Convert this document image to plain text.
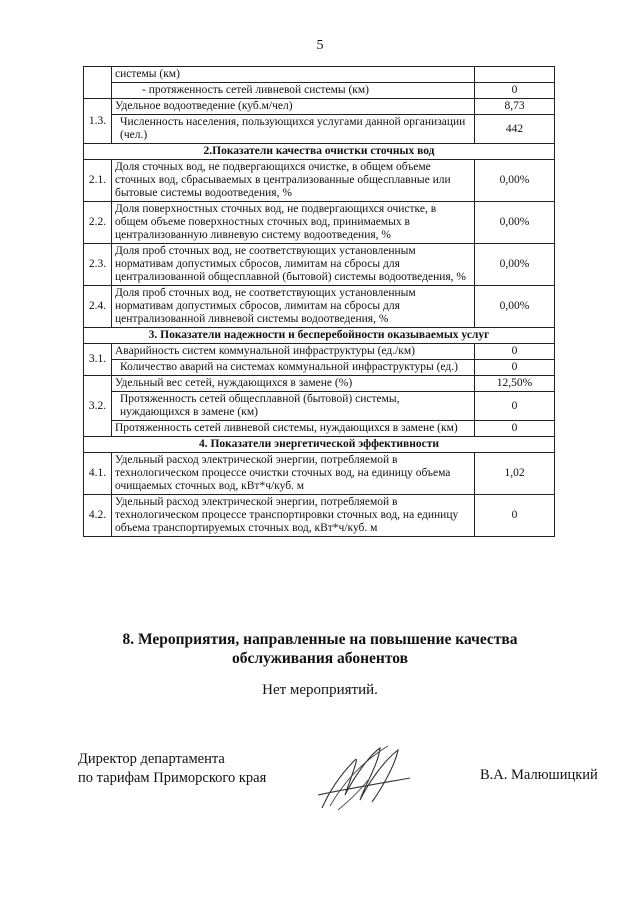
5
	системы (км)	
	- протяженность сетей ливневой системы (км)	0
1.3.	Удельное водоотведение (куб.м/чел)	8,73
	Численность населения, пользующихся услугами данной организации (чел.)	442
2.Показатели качества очистки сточных вод		
2.1.	Доля сточных вод, не подвергающихся очистке, в общем объеме сточных вод, сбрасываемых в централизованные общесплавные или бытовые системы водоотведения, %	0,00%
2.2.	Доля поверхностных сточных вод, не подвергающихся очистке, в общем объеме поверхностных сточных вод, принимаемых в централизованную ливневую систему водоотведения, %	0,00%
2.3.	Доля проб сточных вод, не соответствующих установленным нормативам допустимых сбросов, лимитам на сбросы для централизованной общесплавной (бытовой) системы водоотведения, %	0,00%
2.4.	Доля проб сточных вод, не соответствующих установленным нормативам допустимых сбросов, лимитам на сбросы для централизованной ливневой системы водоотведения, %	0,00%
3. Показатели надежности и бесперебойности оказываемых услуг		
3.1.	Аварийность систем коммунальной инфраструктуры (ед./км)	0
	Количество аварий на системах коммунальной инфраструктуры (ед.)	0
3.2.	Удельный вес сетей, нуждающихся в замене (%)	12,50%
	Протяженность сетей общесплавной (бытовой) системы, нуждающихся в замене (км)	0
	Протяженность сетей ливневой системы, нуждающихся в замене (км)	0
4. Показатели энергетической эффективности		
4.1.	Удельный расход электрической энергии, потребляемой в технологическом процессе очистки сточных вод, на единицу объема очищаемых сточных вод, кВт*ч/куб. м	1,02
4.2.	Удельный расход электрической энергии, потребляемой в технологическом процессе транспортировки сточных вод, на единицу объема транспортируемых сточных вод, кВт*ч/куб. м	0
8. Мероприятия, направленные на повышение качества
обслуживания абонентов
Нет мероприятий.
Директор департамента
по тарифам Приморского края	В.А. Малюшицкий
